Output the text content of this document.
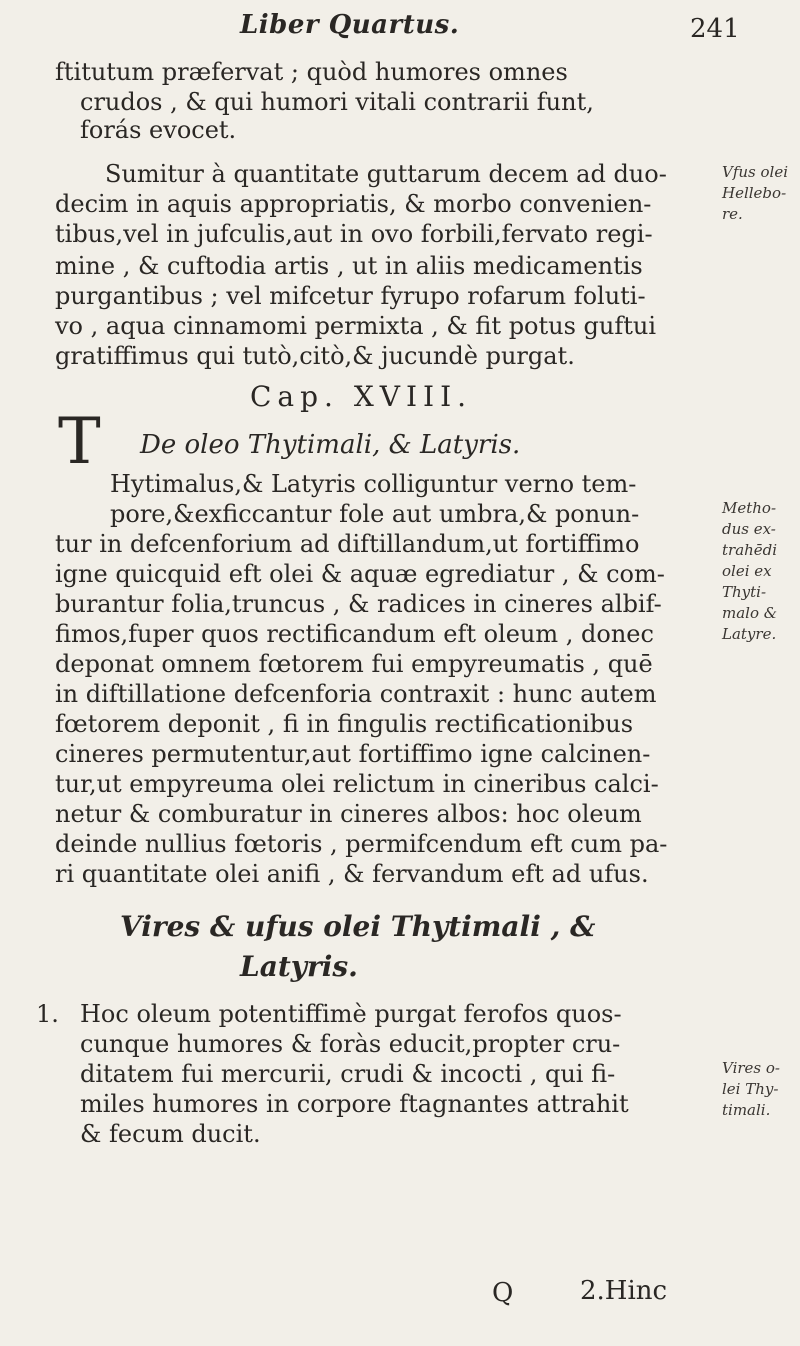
Liber Quartus.	241
ftitutum præfervat ; quòd humores omnes
crudos , & qui humori vitali contrarii funt,
forás evocet.
Sumitur à quantitate guttarum decem ad duo-
decim in aquis appropriatis, & morbo convenien-
tibus,vel in jufculis,aut in ovo forbili,fervato regi-
mine , & cuftodia artis , ut in aliis medicamentis
purgantibus ; vel mifcetur fyrupo rofarum foluti-
vo , aqua cinnamomi permixta , & fit potus guftui
gratiffimus qui tutò,citò,& jucundè purgat.
Cap. XVIII.
De oleo Thytimali, & Latyris.
T
Hytimalus,& Latyris colliguntur verno tem-
pore,&exficcantur fole aut umbra,& ponun-
tur in defcenforium ad diftillandum,ut fortiffimo
igne quicquid eft olei & aquæ egrediatur , & com-
burantur folia,truncus , & radices in cineres albif-
fimos,fuper quos rectificandum eft oleum , donec
deponat omnem fœtorem fui empyreumatis , quē
in diftillatione defcenforia contraxit : hunc autem
fœtorem deponit , fi in fingulis rectificationibus
cineres permutentur,aut fortiffimo igne calcinen-
tur,ut empyreuma olei relictum in cineribus calci-
netur & comburatur in cineres albos: hoc oleum
deinde nullius fœtoris , permifcendum eft cum pa-
ri quantitate olei anifi , & fervandum eft ad ufus.
Vires & ufus olei Thytimali , &
Latyris.
1. Hoc oleum potentiffimè purgat ferofos quos-
cunque humores & foràs educit,propter cru-
ditatem fui mercurii, crudi & incocti , qui fi-
miles humores in corpore ftagnantes attrahit
& fecum ducit.
Q	2.Hinc
Vfus olei
Hellebo-
re.
Metho-
dus ex-
trahēdi
olei ex
Thyti-
malo &
Latyre.
Vires o-
lei Thy-
timali.
